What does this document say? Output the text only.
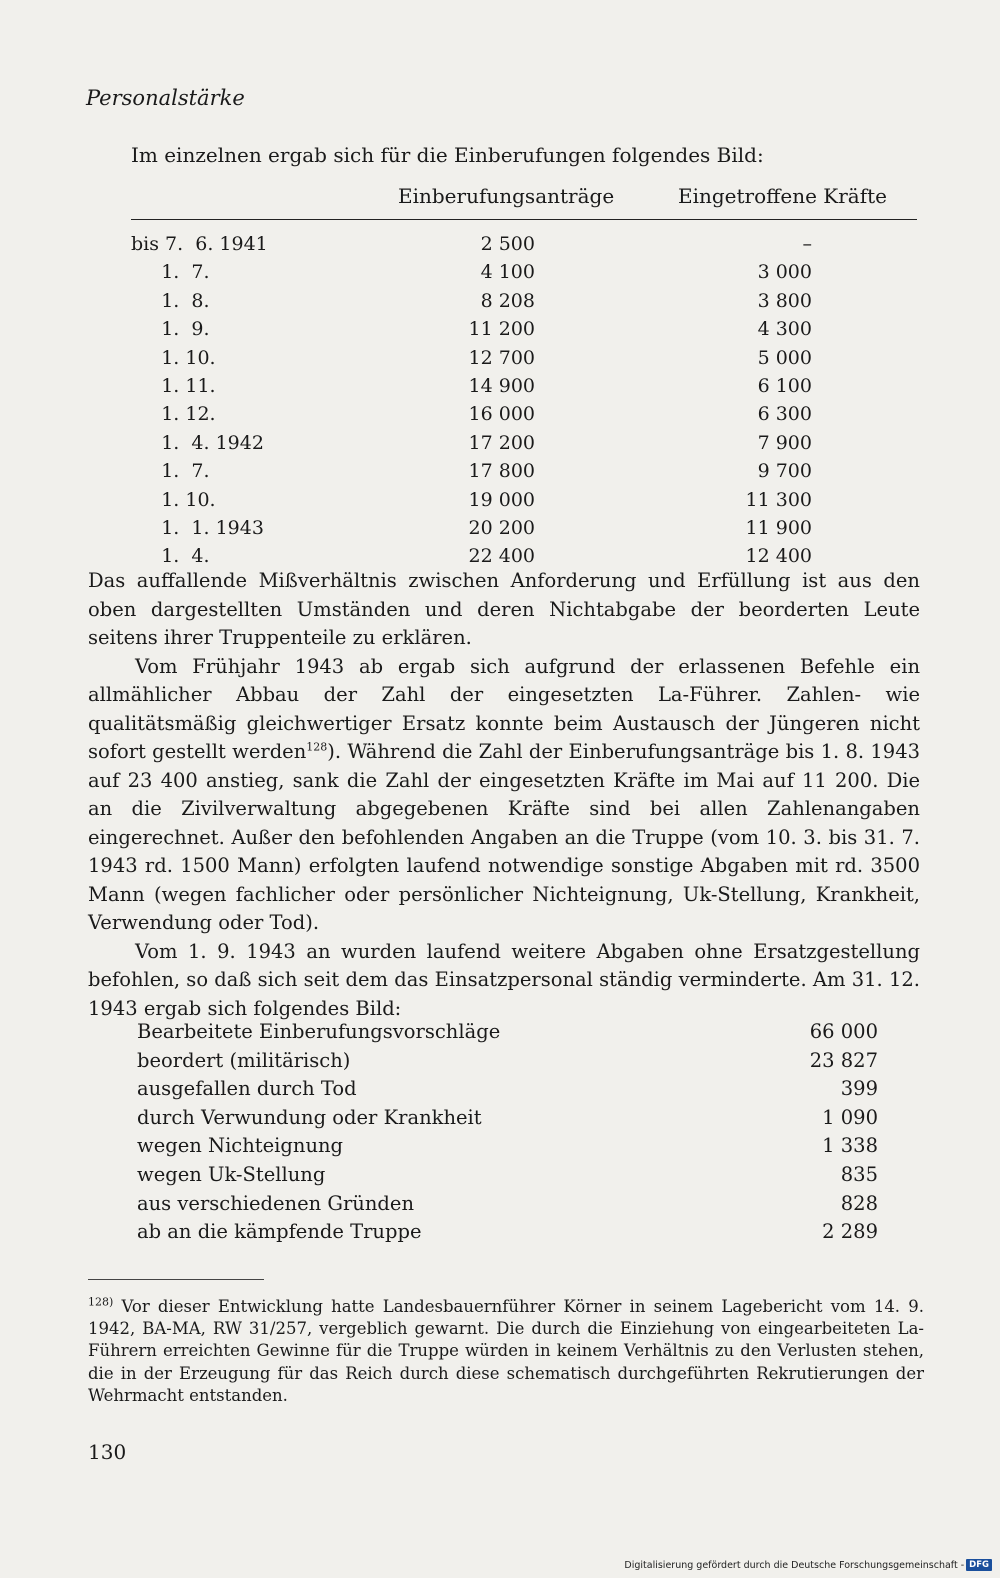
Personalstärke
Im einzelnen ergab sich für die Einberufungen folgendes Bild:
Einberufungsanträge	Eingetroffene Kräfte
bis 7.  6. 1941	2 500	–
1.  7.	4 100	3 000
1.  8.	8 208	3 800
1.  9.	11 200	4 300
1. 10.	12 700	5 000
1. 11.	14 900	6 100
1. 12.	16 000	6 300
1.  4. 1942	17 200	7 900
1.  7.	17 800	9 700
1. 10.	19 000	11 300
1.  1. 1943	20 200	11 900
1.  4.	22 400	12 400

Das auffallende Mißverhältnis zwischen Anforderung und Erfüllung ist aus den oben dargestellten Umständen und deren Nichtabgabe der beorderten Leute seitens ihrer Truppenteile zu erklären.

Vom Frühjahr 1943 ab ergab sich aufgrund der erlassenen Befehle ein allmählicher Abbau der Zahl der eingesetzten La-Führer. Zahlen- wie qualitätsmäßig gleichwertiger Ersatz konnte beim Austausch der Jüngeren nicht sofort gestellt werden$^{128}$). Während die Zahl der Einberufungsanträge bis 1. 8. 1943 auf 23 400 anstieg, sank die Zahl der eingesetzten Kräfte im Mai auf 11 200. Die an die Zivilverwaltung abgegebenen Kräfte sind bei allen Zahlenangaben eingerechnet. Außer den befohlenden Angaben an die Truppe (vom 10. 3. bis 31. 7. 1943 rd. 1500 Mann) erfolgten laufend notwendige sonstige Abgaben mit rd. 3500 Mann (wegen fachlicher oder persönlicher Nichteignung, Uk-Stellung, Krankheit, Verwendung oder Tod).

Vom 1. 9. 1943 an wurden laufend weitere Abgaben ohne Ersatzgestellung befohlen, so daß sich seit dem das Einsatzpersonal ständig verminderte. Am 31. 12. 1943 ergab sich folgendes Bild:

Bearbeitete Einberufungsvorschläge	66 000
beordert (militärisch)	23 827
ausgefallen durch Tod	399
durch Verwundung oder Krankheit	1 090
wegen Nichteignung	1 338
wegen Uk-Stellung	835
aus verschiedenen Gründen	828
ab an die kämpfende Truppe	2 289

$^{128)}$ Vor dieser Entwicklung hatte Landesbauernführer Körner in seinem Lagebericht vom 14. 9. 1942, BA-MA, RW 31/257, vergeblich gewarnt. Die durch die Einziehung von eingearbeiteten La-Führern erreichten Gewinne für die Truppe würden in keinem Verhältnis zu den Verlusten stehen, die in der Erzeugung für das Reich durch diese schematisch durchgeführten Rekrutierungen der Wehrmacht entstanden.

130
Digitalisierung gefördert durch die Deutsche Forschungsgemeinschaft - DFG
